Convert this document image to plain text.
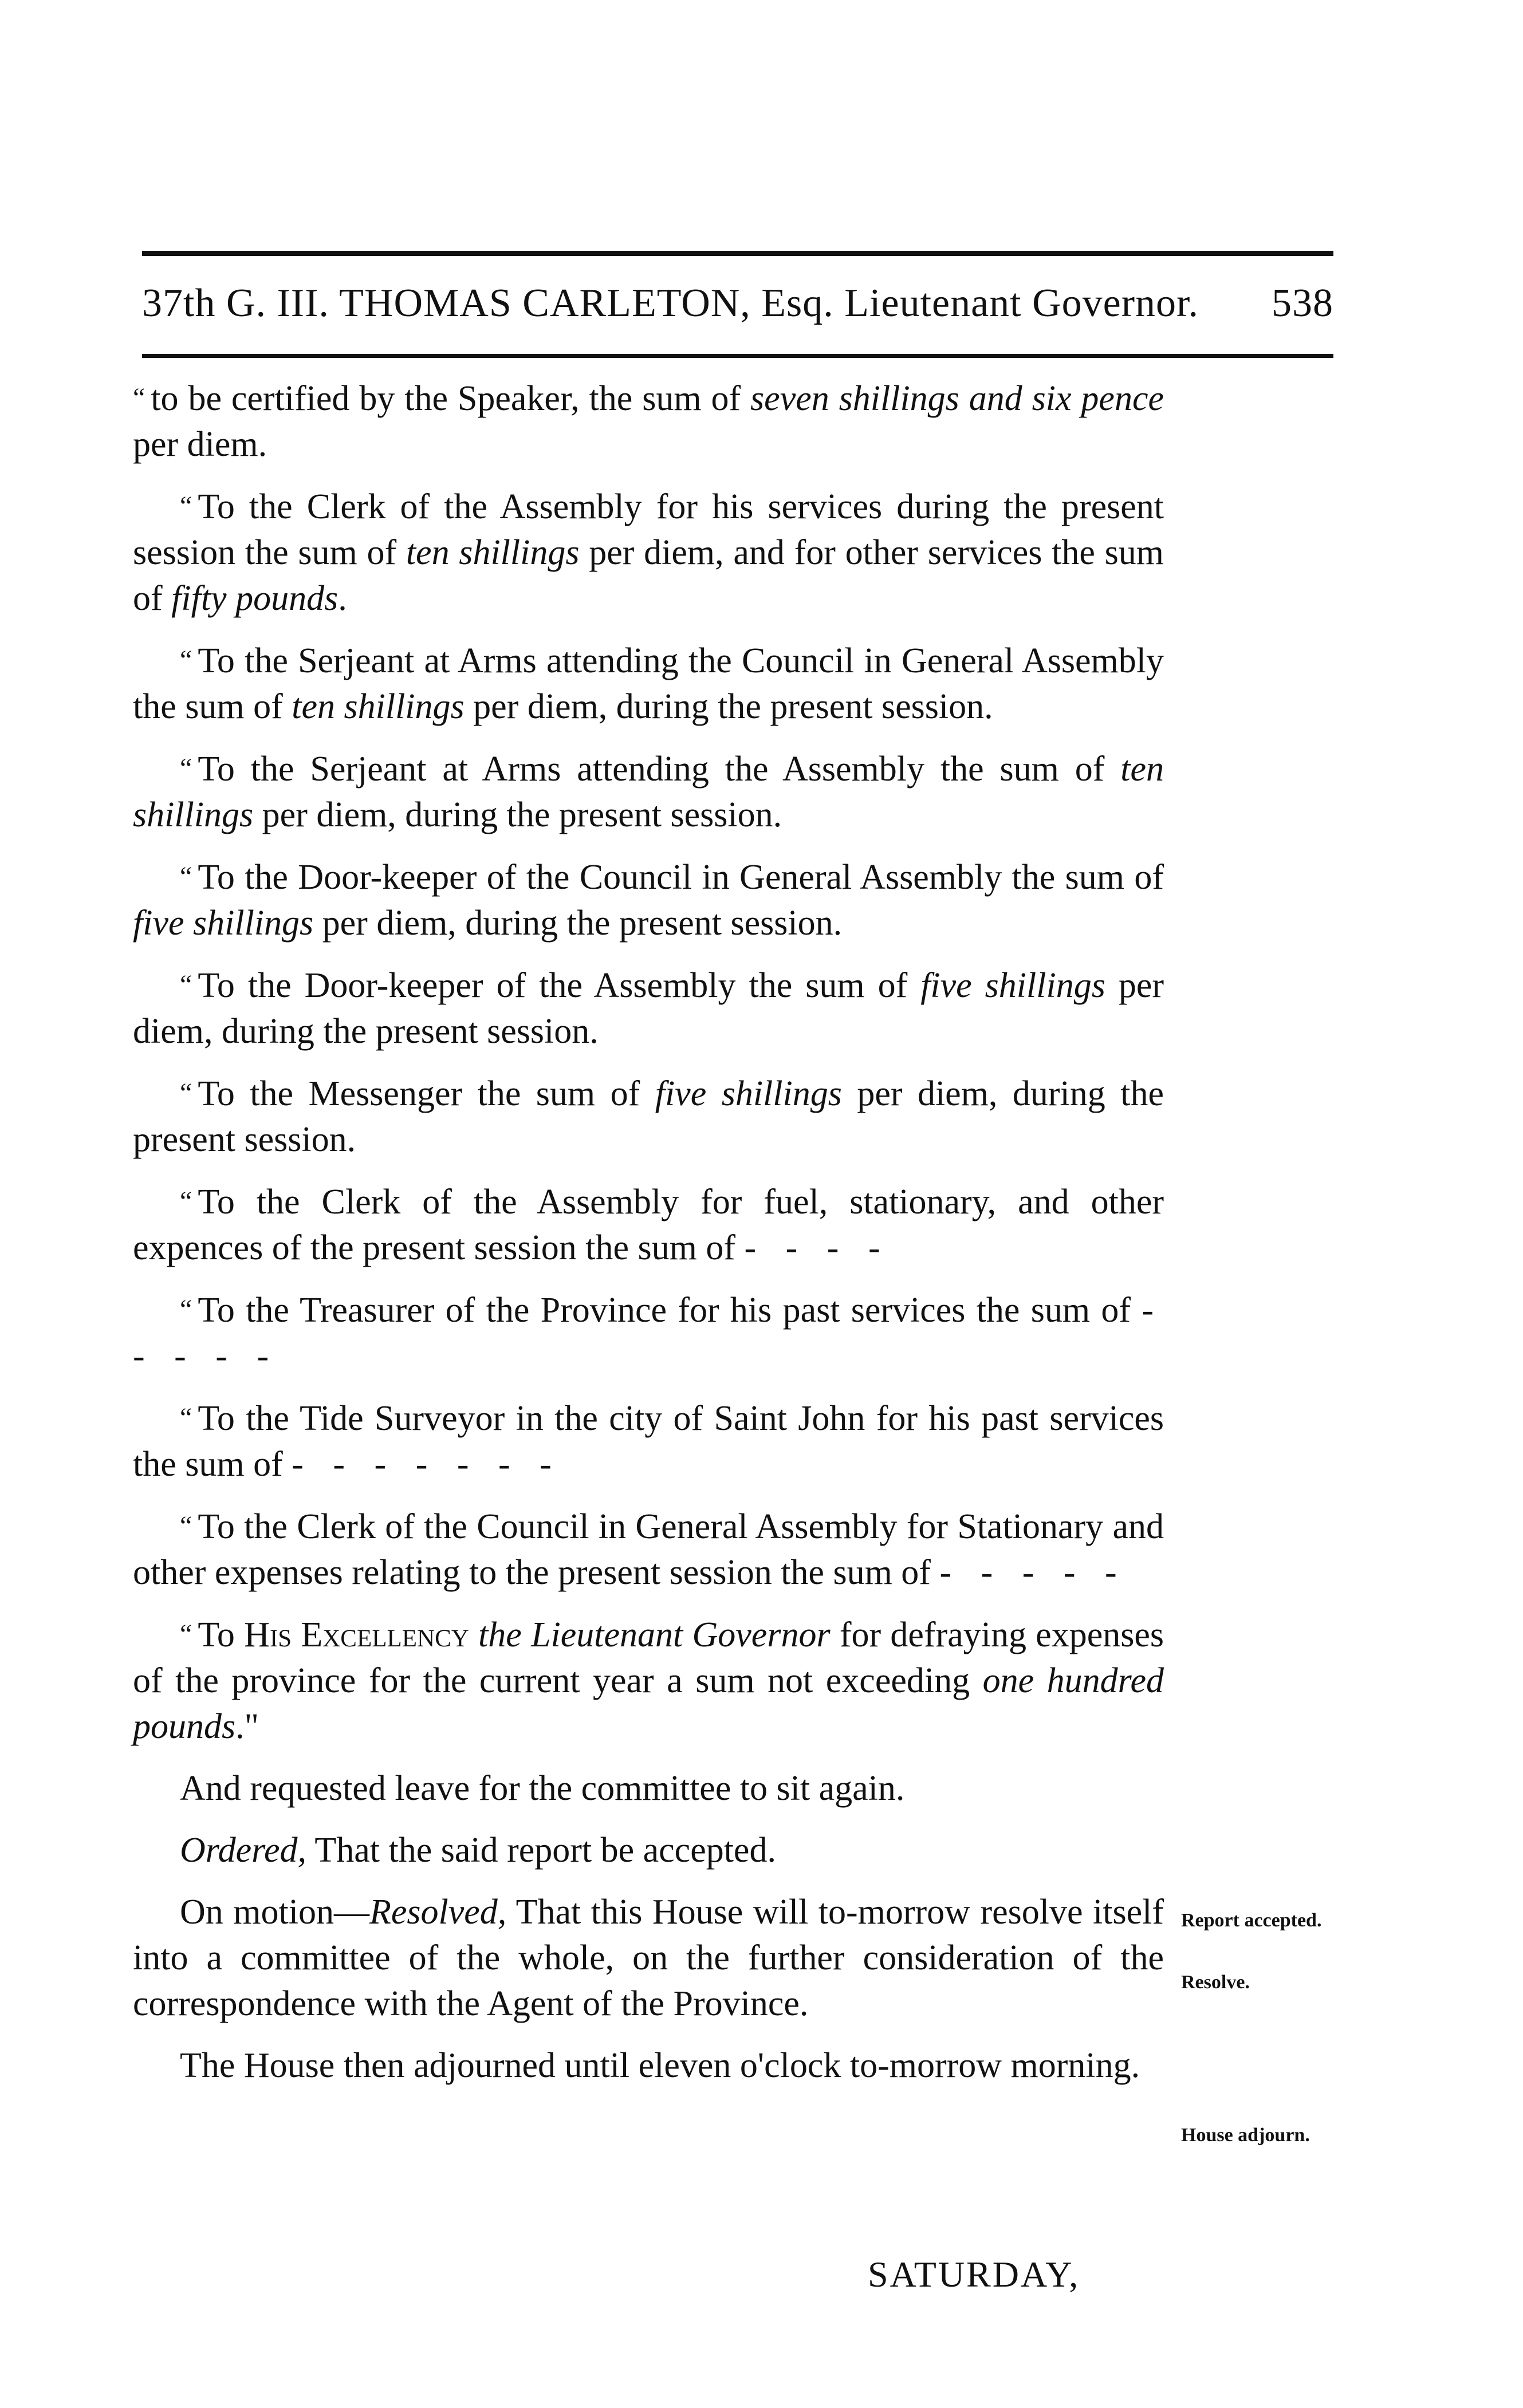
37th G. III. THOMAS CARLETON, Esq. Lieutenant Governor. 538

“ to be certified by the Speaker, the sum of seven shillings and six pence per diem.

“ To the Clerk of the Assembly for his services during the present session the sum of ten shillings per diem, and for other services the sum of fifty pounds.

“ To the Serjeant at Arms attending the Council in General Assembly the sum of ten shillings per diem, during the present session.

“ To the Serjeant at Arms attending the Assembly the sum of ten shillings per diem, during the present session.

“ To the Door-keeper of the Council in General Assembly the sum of five shillings per diem, during the present session.

“ To the Door-keeper of the Assembly the sum of five shillings per diem, during the present session.

“ To the Messenger the sum of five shillings per diem, during the present session.

“ To the Clerk of the Assembly for fuel, stationary, and other expences of the present session the sum of - - - -

“ To the Treasurer of the Province for his past services the sum of - - - - -

“ To the Tide Surveyor in the city of Saint John for his past services the sum of - - - - - - -

“ To the Clerk of the Council in General Assembly for Stationary and other expenses relating to the present session the sum of - - - - -

“ To His Excellency the Lieutenant Governor for defraying expenses of the province for the current year a sum not exceeding one hundred pounds."

And requested leave for the committee to sit again.

Ordered, That the said report be accepted.

On motion—Resolved, That this House will to-morrow resolve itself into a committee of the whole, on the further consideration of the correspondence with the Agent of the Province.

The House then adjourned until eleven o'clock to-morrow morning.

Report accepted.
Resolve.
House adjourn.
SATURDAY,
